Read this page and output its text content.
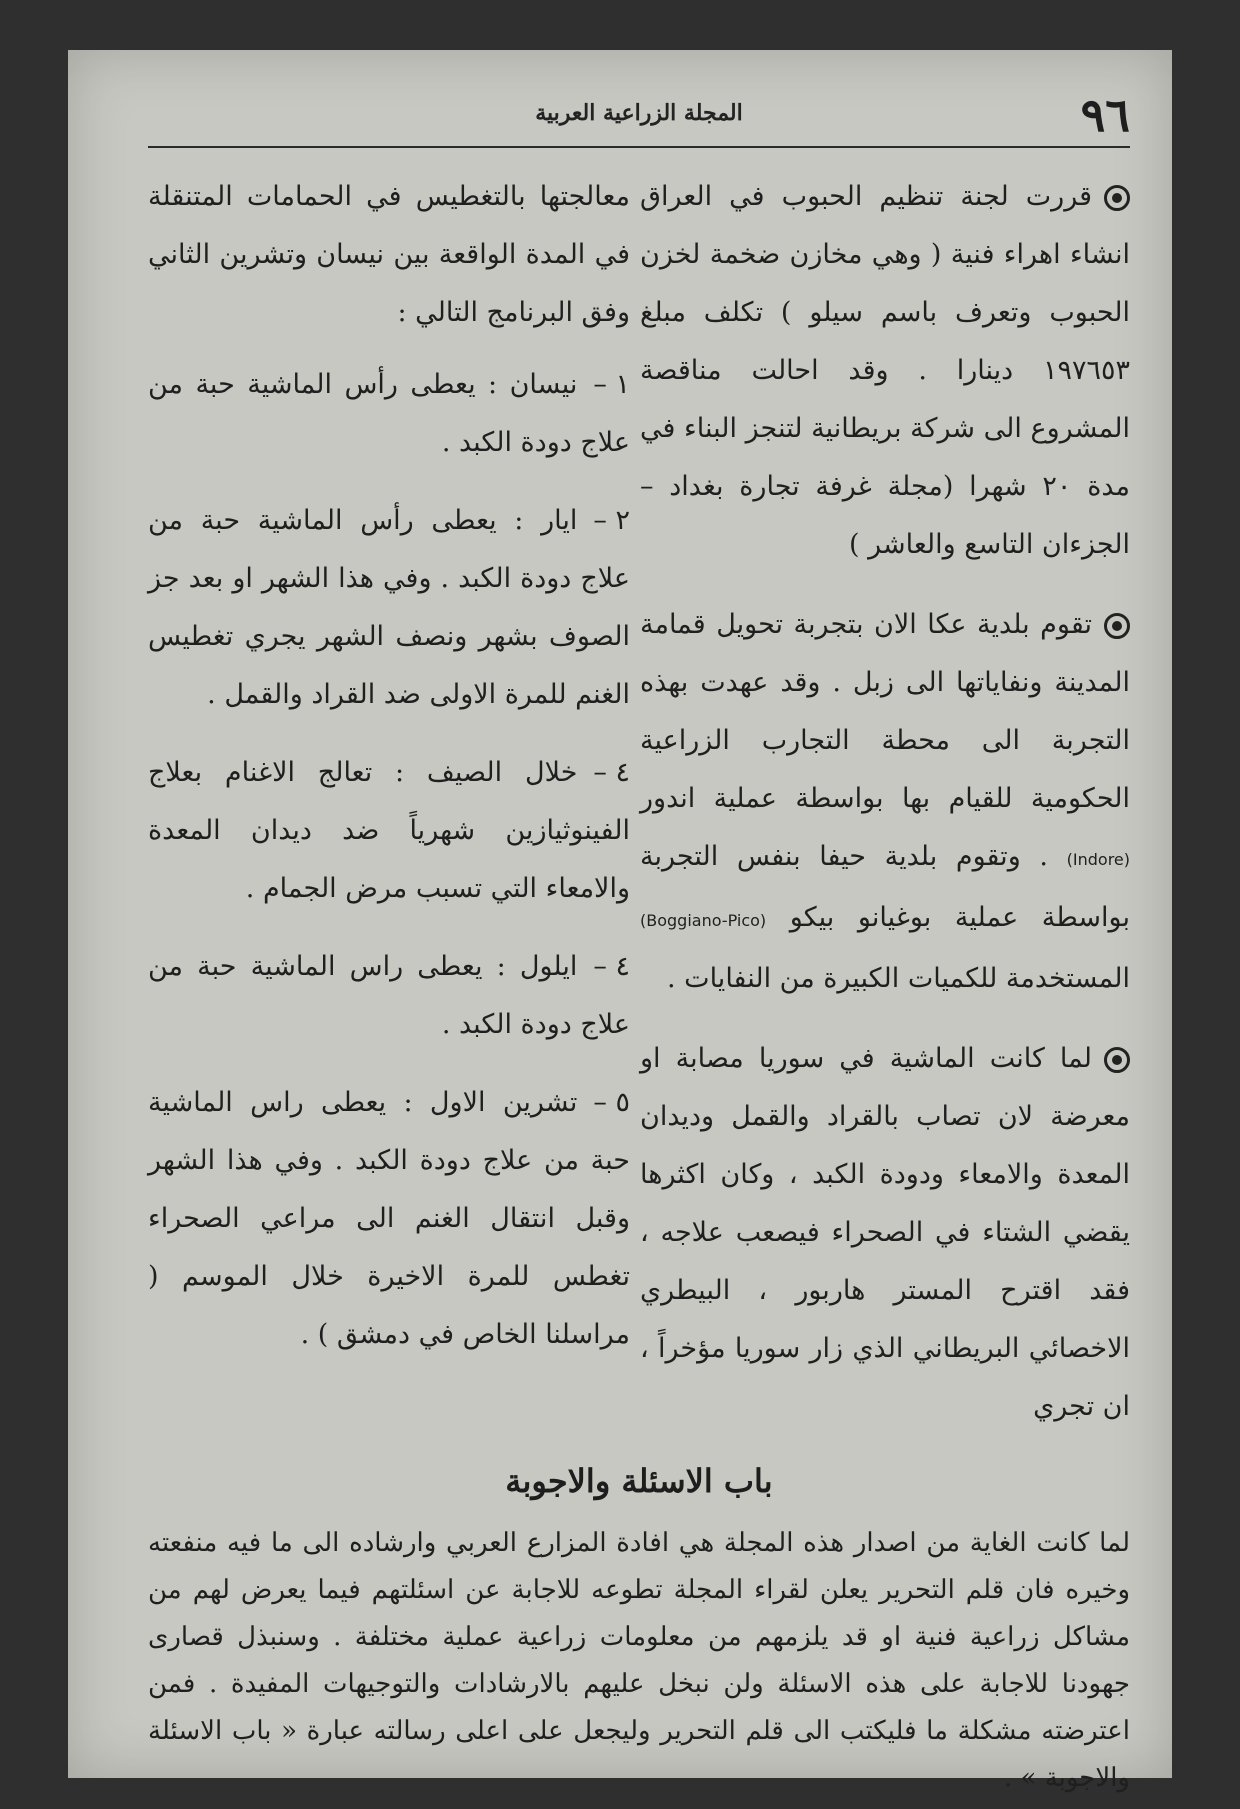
٩٦
المجلة الزراعية العربية

قررت لجنة تنظيم الحبوب في العراق انشاء اهراء فنية ( وهي مخازن ضخمة لخزن الحبوب وتعرف باسم سيلو ) تكلف مبلغ ١٩٧٦٥٣ دينارا . وقد احالت مناقصة المشروع الى شركة بريطانية لتنجز البناء في مدة ٢٠ شهرا (مجلة غرفة تجارة بغداد – الجزءان التاسع والعاشر )

تقوم بلدية عكا الان بتجربة تحويل قمامة المدينة ونفاياتها الى زبل . وقد عهدت بهذه التجربة الى محطة التجارب الزراعية الحكومية للقيام بها بواسطة عملية اندور (Indore) . وتقوم بلدية حيفا بنفس التجربة بواسطة عملية بوغيانو بيكو (Boggiano-Pico) المستخدمة للكميات الكبيرة من النفايات .

لما كانت الماشية في سوريا مصابة او معرضة لان تصاب بالقراد والقمل وديدان المعدة والامعاء ودودة الكبد ، وكان اكثرها يقضي الشتاء في الصحراء فيصعب علاجه ، فقد اقترح المستر هاربور ، البيطري الاخصائي البريطاني الذي زار سوريا مؤخراً ، ان تجري

معالجتها بالتغطيس في الحمامات المتنقلة في المدة الواقعة بين نيسان وتشرين الثاني وفق البرنامج التالي :

١ –نيسان : يعطى رأس الماشية حبة من علاج دودة الكبد .

٢ –ايار : يعطى رأس الماشية حبة من علاج دودة الكبد . وفي هذا الشهر او بعد جز الصوف بشهر ونصف الشهر يجري تغطيس الغنم للمرة الاولى ضد القراد والقمل .

٤ –خلال الصيف : تعالج الاغنام بعلاج الفينوثيازين شهرياً ضد ديدان المعدة والامعاء التي تسبب مرض الجمام .

٤ –ايلول : يعطى راس الماشية حبة من علاج دودة الكبد .

٥ –تشرين الاول : يعطى راس الماشية حبة من علاج دودة الكبد . وفي هذا الشهر وقبل انتقال الغنم الى مراعي الصحراء تغطس للمرة الاخيرة خلال الموسم ( مراسلنا الخاص في دمشق ) .

باب الاسئلة والاجوبة
لما كانت الغاية من اصدار هذه المجلة هي افادة المزارع العربي وارشاده الى ما فيه منفعته وخيره فان قلم التحرير يعلن لقراء المجلة تطوعه للاجابة عن اسئلتهم فيما يعرض لهم من مشاكل زراعية فنية او قد يلزمهم من معلومات زراعية عملية مختلفة . وسنبذل قصارى جهودنا للاجابة على هذه الاسئلة ولن نبخل عليهم بالارشادات والتوجيهات المفيدة . فمن اعترضته مشكلة ما فليكتب الى قلم التحرير وليجعل على اعلى رسالته عبارة « باب الاسئلة والاجوبة » .
